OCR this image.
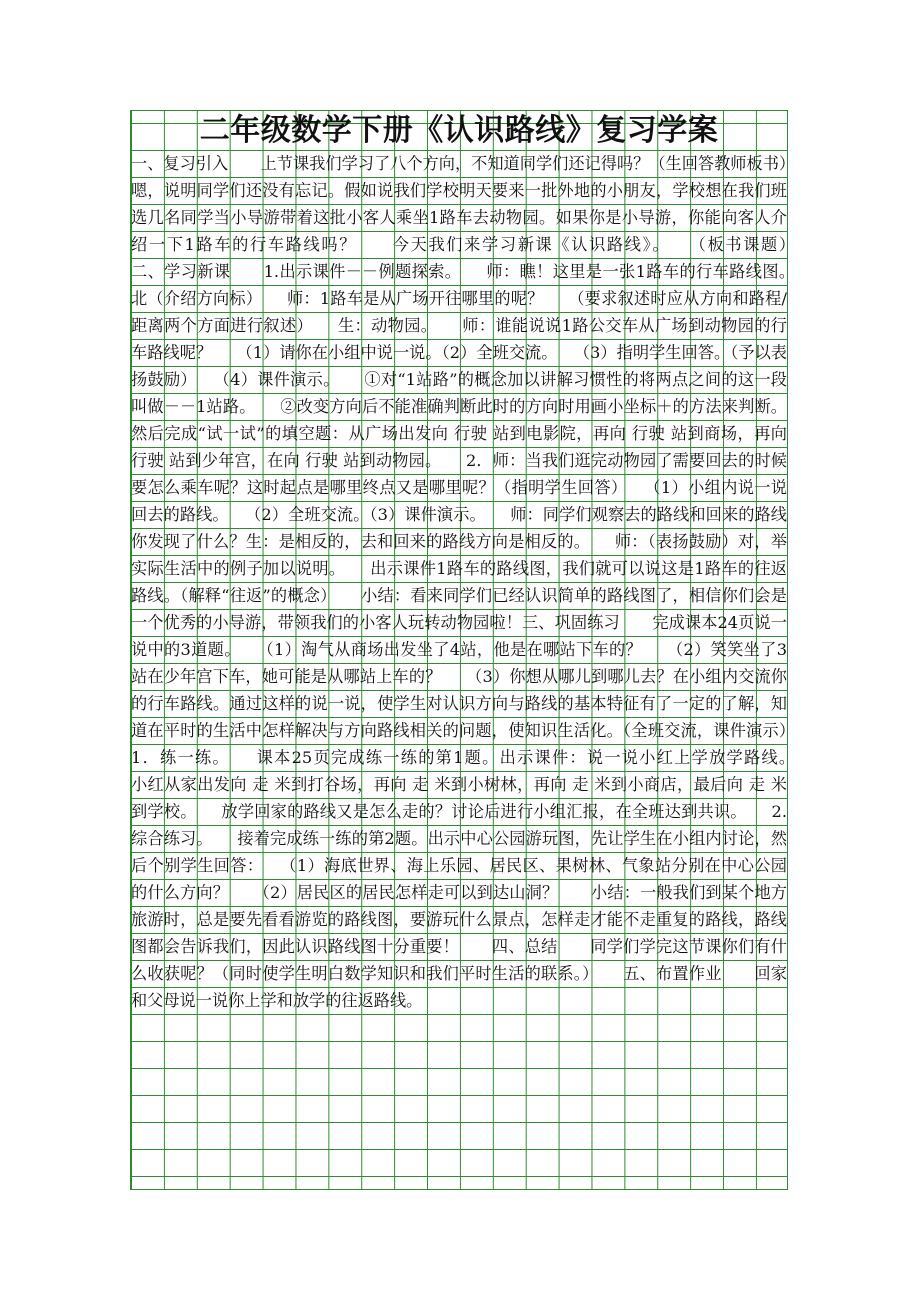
二年级数学下册《认识路线》复习学案

一、复习引入　　上节课我们学习了八个方向，不知道同学们还记得吗？（生回答教师板书）　　嗯，说明同学们还没有忘记。假如说我们学校明天要来一批外地的小朋友，学校想在我们班选几名同学当小导游带着这批小客人乘坐1路车去动物园。如果你是小导游，你能向客人介绍一下1路车的行车路线吗？　　今天我们来学习新课《认识路线》。　　（板书课题）　　二、学习新课　　1.出示课件－－例题探索。　　师：瞧！这里是一张1路车的行车路线图。　　北（介绍方向标）　　师：1路车是从广场开往哪里的呢？　　（要求叙述时应从方向和路程/距离两个方面进行叙述）　　生：动物园。　　师：谁能说说1路公交车从广场到动物园的行车路线呢？　　（1）请你在小组中说一说。（2）全班交流。　　（3）指明学生回答。（予以表扬鼓励）　　（4）课件演示。　　①对“1站路”的概念加以讲解习惯性的将两点之间的这一段叫做－－1站路。　　②改变方向后不能准确判断此时的方向时用画小坐标＋的方法来判断。然后完成“试一试”的填空题：从广场出发向 行驶 站到电影院，再向 行驶 站到商场，再向 行驶 站到少年宫，在向 行驶 站到动物园。　　2．师：当我们逛完动物园了需要回去的时候要怎么乘车呢？这时起点是哪里终点又是哪里呢？（指明学生回答）　　（1）小组内说一说回去的路线。　　（2）全班交流。（3）课件演示。　　师：同学们观察去的路线和回来的路线你发现了什么？生：是相反的，去和回来的路线方向是相反的。　　师：（表扬鼓励）对，举实际生活中的例子加以说明。　　出示课件1路车的路线图，我们就可以说这是1路车的往返路线。（解释“往返”的概念）　　小结：看来同学们已经认识简单的路线图了，相信你们会是一个优秀的小导游，带领我们的小客人玩转动物园啦！三、巩固练习　　完成课本24页说一说中的3道题。　　（1）淘气从商场出发坐了4站，他是在哪站下车的？　　（2）笑笑坐了3站在少年宫下车，她可能是从哪站上车的？　　（3）你想从哪儿到哪儿去？在小组内交流你的行车路线。通过这样的说一说，使学生对认识方向与路线的基本特征有了一定的了解，知道在平时的生活中怎样解决与方向路线相关的问题，使知识生活化。（全班交流，课件演示）　　1．练一练。　　课本25页完成练一练的第1题。出示课件：说一说小红上学放学路线。　　小红从家出发向 走 米到打谷场，再向 走 米到小树林，再向 走 米到小商店，最后向 走 米到学校。　　放学回家的路线又是怎么走的？讨论后进行小组汇报，在全班达到共识。　　2.综合练习。　　接着完成练一练的第2题。出示中心公园游玩图，先让学生在小组内讨论，然后个别学生回答：　　（1）海底世界、海上乐园、居民区、果树林、气象站分别在中心公园的什么方向？　　（2）居民区的居民怎样走可以到达山洞？　　小结：一般我们到某个地方旅游时，总是要先看看游览的路线图，要游玩什么景点，怎样走才能不走重复的路线，路线图都会告诉我们，因此认识路线图十分重要！　　四、总结　　同学们学完这节课你们有什么收获呢？（同时使学生明白数学知识和我们平时生活的联系。）　　五、布置作业　　回家和父母说一说你上学和放学的往返路线。
